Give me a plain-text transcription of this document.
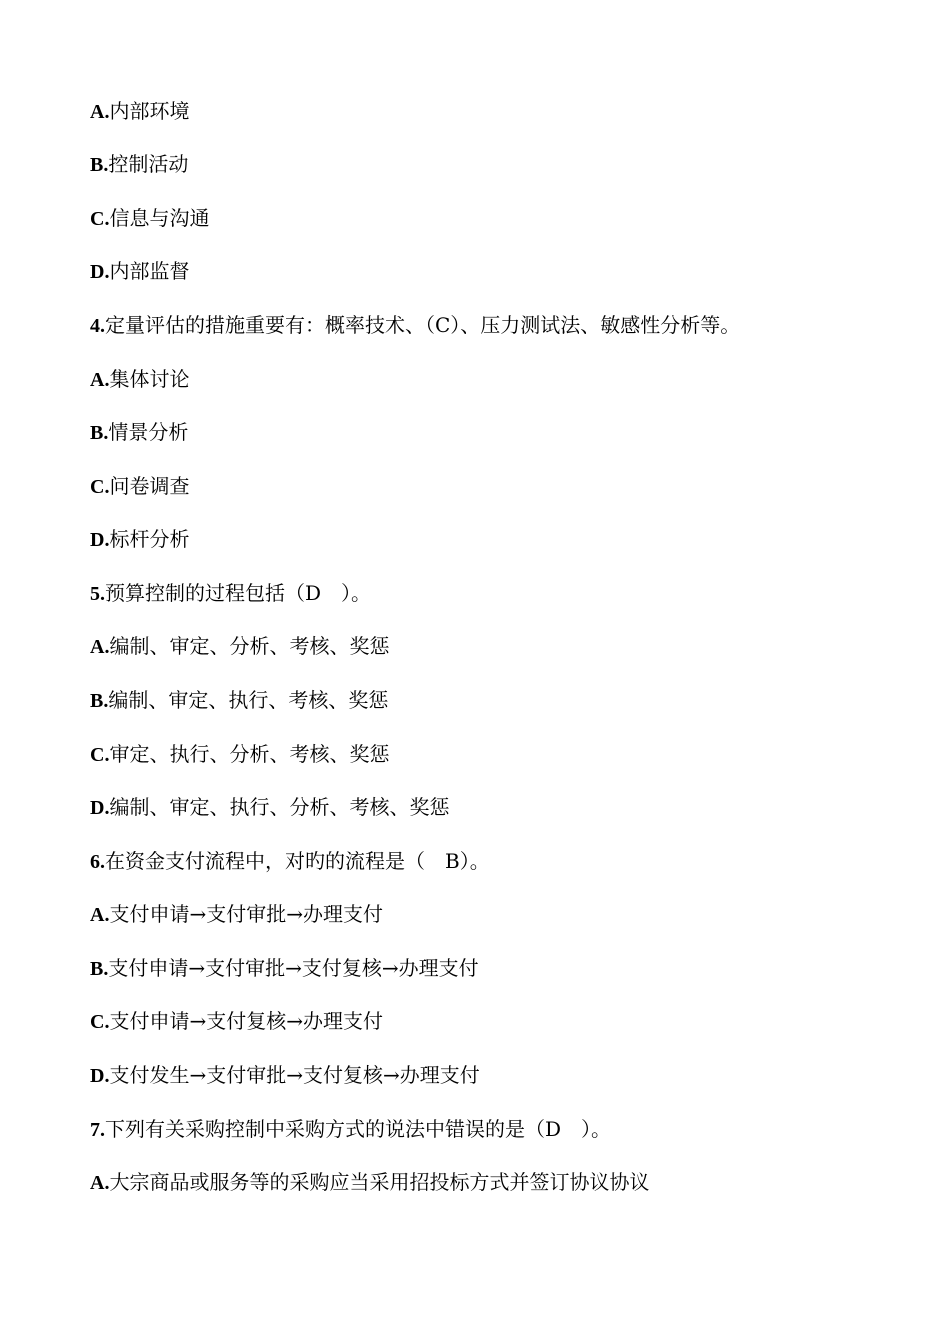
A.内部环境
B.控制活动
C.信息与沟通
D.内部监督
4.定量评估的措施重要有：概率技术、（C）、压力测试法、敏感性分析等。
A.集体讨论
B.情景分析
C.问卷调查
D.标杆分析
5.预算控制的过程包括（D　）。
A.编制、审定、分析、考核、奖惩
B.编制、审定、执行、考核、奖惩
C.审定、执行、分析、考核、奖惩
D.编制、审定、执行、分析、考核、奖惩
6.在资金支付流程中，对旳的流程是（　B）。
A.支付申请→支付审批→办理支付
B.支付申请→支付审批→支付复核→办理支付
C.支付申请→支付复核→办理支付
D.支付发生→支付审批→支付复核→办理支付
7.下列有关采购控制中采购方式的说法中错误的是（D　）。
A.大宗商品或服务等的采购应当采用招投标方式并签订协议协议
